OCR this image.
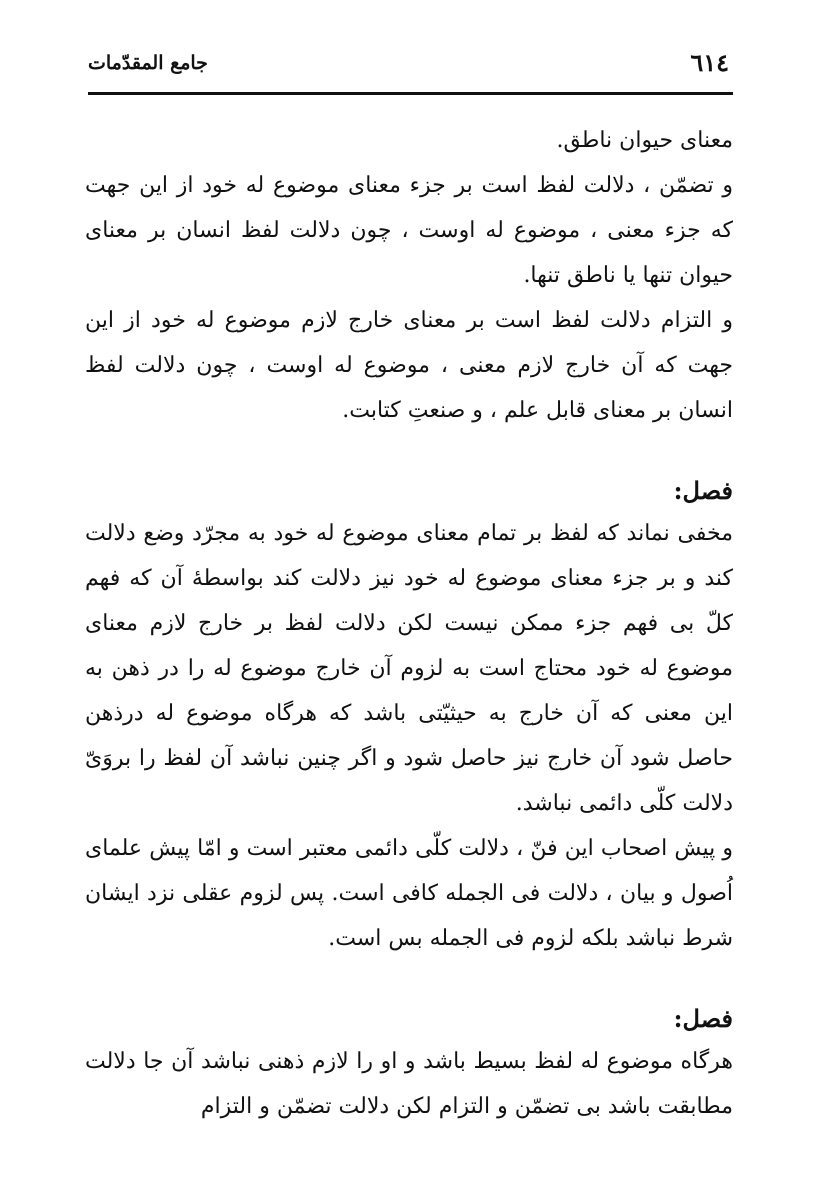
٦١٤
جامع المقدّمات

معنای حیوان ناطق.

و تضمّن ، دلالت لفظ است بر جزء معنای موضوع له خود از این جهت که جزء معنی ، موضوع له اوست ، چون دلالت لفظ انسان بر معنای حیوان تنها یا ناطق تنها.

و التزام دلالت لفظ است بر معنای خارج لازم موضوع له خود از این جهت که آن خارج لازم معنی ، موضوع له اوست ، چون دلالت لفظ انسان بر معنای قابل علم ، و صنعتِ کتابت.

فصل:

مخفی نماند که لفظ بر تمام معنای موضوع له خود به مجرّد وضع دلالت کند و بر جزء معنای موضوع له خود نیز دلالت کند بواسطهٔ آن که فهم کلّ بی فهم جزء ممکن نیست لکن دلالت لفظ بر خارج لازم معنای موضوع له خود محتاج است به لزوم آن خارج موضوع له را در ذهن به این معنی که آن خارج به حیثیّتی باشد که هرگاه موضوع له درذهن حاصل شود آن خارج نیز حاصل شود و اگر چنین نباشد آن لفظ را بروَیّ دلالت کلّی دائمی نباشد.

و پیش اصحاب این فنّ ، دلالت کلّی دائمی معتبر است و امّا پیش علمای اُصول و بیان ، دلالت فی الجمله کافی است. پس لزوم عقلی نزد ایشان شرط نباشد بلکه لزوم فی الجمله بس است.

فصل:

هرگاه موضوع له لفظ بسیط باشد و او را لازم ذهنی نباشد آن جا دلالت مطابقت باشد بی تضمّن و التزام لکن دلالت تضمّن و التزام
